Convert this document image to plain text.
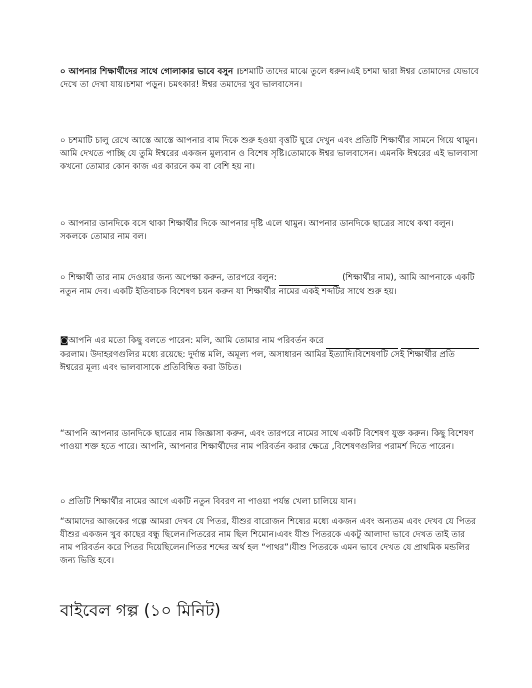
০ আপনার শিক্ষার্থীদের সাথে গোলাকার ভাবে বসুন ।চশমাটি তাদের মাঝে তুলে ধরুন।এই চশমা দ্বারা ঈশ্বর তোমাদের যেভাবে দেখে তা দেখা যায়।চশমা পড়ুন। চমৎকার! ঈশ্বর তমাদের খুব ভালবাসেন।

০ চশমাটি চালু রেখে আস্তে আস্তে আপনার বাম দিকে শুরু হওয়া বৃত্তটি ঘুরে দেখুন এবং প্রতিটি শিক্ষার্থীর সামনে গিয়ে থামুন।আমি দেখতে পাচ্ছি যে তুমি ঈশ্বরের একজন মুল্যবান ও বিশেষ সৃষ্টি।তোমাকে ঈশ্বর ভালবাসেন। এমনকি ঈশ্বরের এই ভালবাসা কখনো তোমার কোন কাজ এর কারনে কম বা বেশি হয় না।

০ আপনার ডানদিকে বসে থাকা শিক্ষার্থীর দিকে আপনার দৃষ্টি এলে থামুন। আপনার ডানদিকে ছাত্রের সাথে কথা বলুন। সকলকে তোমার নাম বল।

০ শিক্ষার্থী তার নাম দেওয়ার জন্য অপেক্ষা করুন, তারপরে বলুন:	(শিক্ষার্থীর নাম), আমি আপনাকে একটি নতুন নাম দেব। একটি ইতিবাচক বিশেষণ চয়ন করুন যা শিক্ষার্থীর নামের একই শব্দটির সাথে শুরু হয়।

◙আপনি এর মতো কিছু বলতে পারেন: মলি, আমি তোমার নাম পরিবর্তন করে     করলাম। উদাহরণগুলির মধ্যে রয়েছে: দুর্দান্ত মলি, অমূল্য পল, অসাধারন আমির ইত্যাদি।বিশেষণটি সেই শিক্ষার্থীর প্রতি ঈশ্বরের মূল্য এবং ভালবাসাকে প্রতিবিম্বিত করা উচিত।

“আপনি আপনার ডানদিকে ছাত্রের নাম জিজ্ঞাসা করুন, এবং তারপরে নামের সাথে একটি বিশেষণ যুক্ত করুন। কিছু বিশেষণ পাওয়া শক্ত হতে পারে। আপনি, আপনার শিক্ষার্থীদের নাম পরিবর্তন করার ক্ষেত্রে ,বিশেষণগুলির পরামর্শ দিতে পারেন।

০ প্রতিটি শিক্ষার্থীর নামের আগে একটি নতুন বিবরণ না পাওয়া পর্যন্ত খেলা চালিয়ে যান।

“আমাদের আজকের গল্পে আমরা দেখব যে পিতর, যীশুর বারোজন শিষ্যের মধ্যে একজন এবং অন্যতম এবং দেখব যে পিতর যীশুর একজন খুব কাছের বন্ধু ছিলেন।পিতরের নাম ছিল শিমোন।এবং যীশু পিতরকে একটু আলাদা ভাবে দেখত তাই তার নাম পরিবর্তন করে পিতর দিয়েছিলেন।পিতর শব্দের অর্থ হল “পাথর”।যীশু পিতরকে এমন ভাবে দেখত যে প্রাথমিক মন্ডলির জন্য ভিত্তি হবে।

বাইবেল গল্প (১০ মিনিট)
